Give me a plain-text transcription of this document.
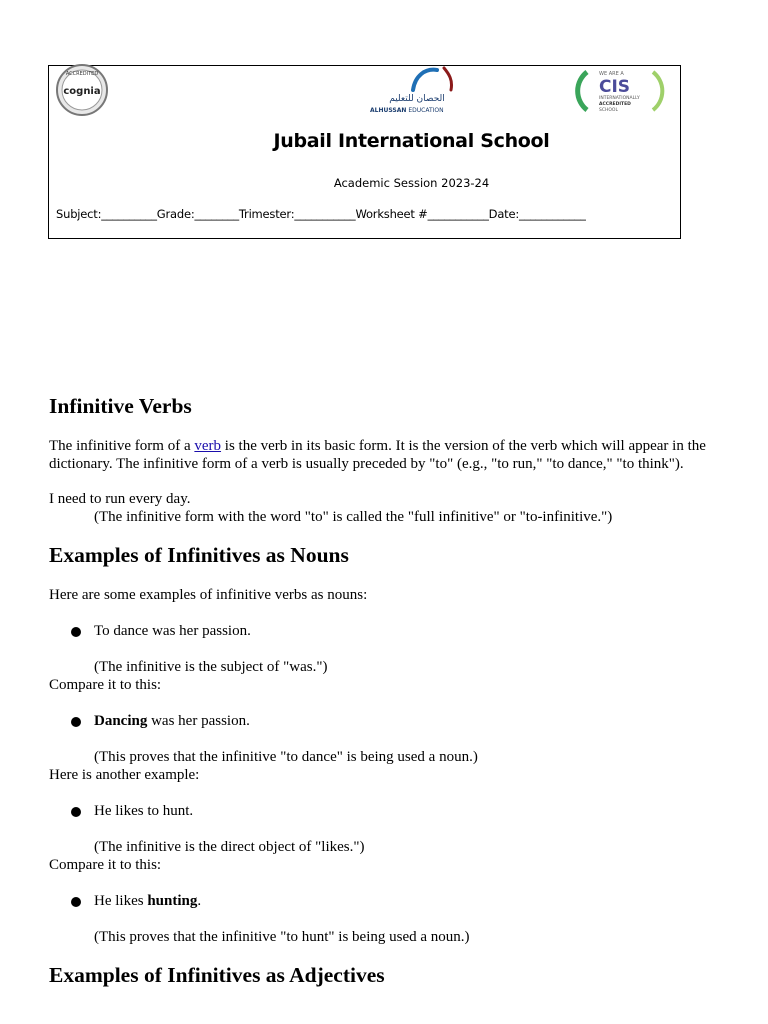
ACCREDITED
cognia
الحصان للتعليم
ALHUSSAN EDUCATION
WE ARE A
CIS
INTERNATIONALLY
ACCREDITED
SCHOOL
Jubail International School
Academic Session 2023-24
Subject:__________Grade:________Trimester:___________Worksheet #___________Date:____________
Infinitive Verbs

The infinitive form of a verb is the verb in its basic form. It is the version of the verb which will appear in the dictionary. The infinitive form of a verb is usually preceded by "to" (e.g., "to run," "to dance," "to think").

I need to run every day.

(The infinitive form with the word "to" is called the "full infinitive" or "to-infinitive.")

Examples of Infinitives as Nouns

Here are some examples of infinitive verbs as nouns:

To dance was her passion.

(The infinitive is the subject of "was.")

Compare it to this:

Dancing was her passion.

(This proves that the infinitive "to dance" is being used a noun.)

Here is another example:

He likes to hunt.

(The infinitive is the direct object of "likes.")

Compare it to this:

He likes hunting.

(This proves that the infinitive "to hunt" is being used a noun.)

Examples of Infinitives as Adjectives
